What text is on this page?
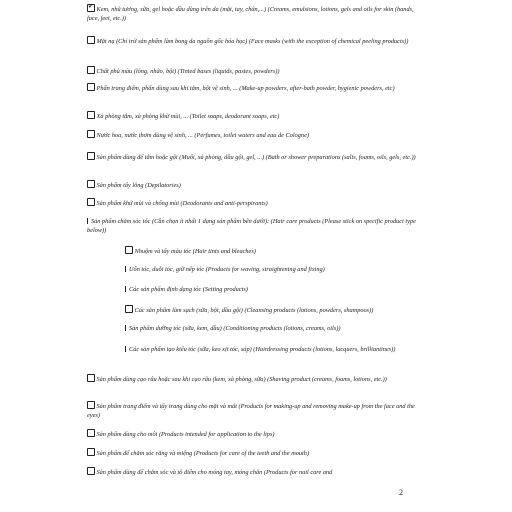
✔Kem, nhũ tương, sữa, gel hoặc dầu dùng trên da (mặt, tay, chân,...) (Creams, emulsions, lotions, gels and oils for skin (hands, face, feet, etc.))

Mặt nạ (Chỉ trừ sản phẩm làm bong da nguồn gốc hóa học) (Face masks (with the exception of chemical peeling products))

Chất phủ màu (lỏng, nhão, bột) (Tinted bases (liquids, pastes, powders))

Phấn trang điểm, phấn dùng sau khi tắm, bột vệ sinh, ... (Make-up powders, after-bath powder, hygienic powders, etc)

Xà phòng tắm, xà phòng khử mùi, ... (Toilet soaps, deodorant soaps, etc)

Nước hoa, nước thơm dùng vệ sinh, ... (Perfumes, toilet waters and eau de Cologne)

Sản phẩm dùng để tắm hoặc gội (Muối, xà phòng, dầu gội, gel, ...) (Bath or shower preparations (salts, foams, oils, gels, etc.))

Sản phẩm tẩy lông (Depilatories)

Sản phẩm khử mùi và chống mùi (Deodorants and anti-perspirants)

Sản phẩm chăm sóc tóc (Cần chọn ít nhất 1 dạng sản phẩm bên dưới): (Hair care products (Please stick on specific product type below))

Nhuộm và tẩy màu tóc (Hair tints and bleaches)

Uốn tóc, duỗi tóc, giữ nếp tóc (Products for waving, straightening and fixing)

Các sản phẩm định dạng tóc (Setting products)

Các sản phẩm làm sạch (sữa, bột, dầu gội) (Cleansing products (lotions, powders, shampoos))

Sản phẩm dưỡng tóc (sữa, kem, dầu) (Conditioning products (lotions, creams, oils))

Các sản phẩm tạo kiểu tóc (sữa, keo xịt tóc, sáp) (Hairdressing products (lotions, lacquers, brilliantines))

Sản phẩm dùng cạo râu hoặc sau khi cạo râu (kem, xà phòng, sữa) (Shaving product (creams, foams, lotions, etc.))

Sản phẩm trang điểm và tẩy trang dùng cho mặt và mắt (Products for making-up and removing make-up from the face and the eyes)

Sản phẩm dùng cho môi (Products intended for application to the lips)

Sản phẩm để chăm sóc răng và miệng (Products for care of the teeth and the mouth)

Sản phẩm dùng để chăm sóc và tô điểm cho móng tay, móng chân (Products for nail care and

2
